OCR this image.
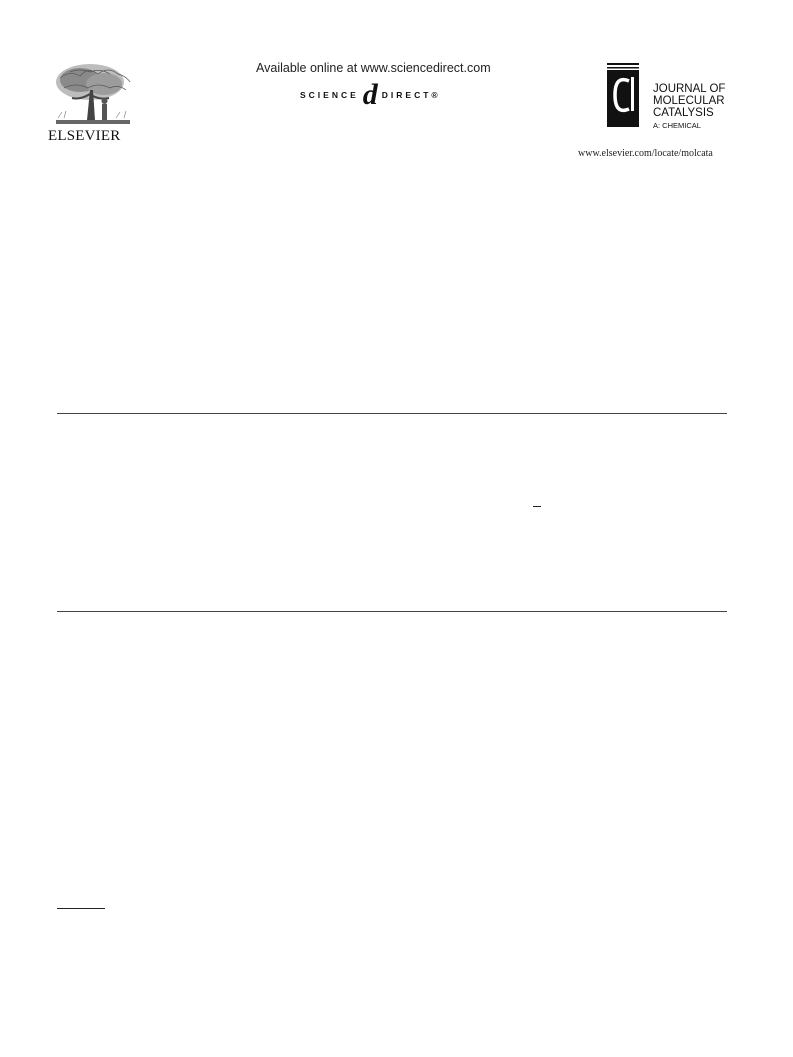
ELSEVIER
Available online at www.sciencedirect.com
SCIENCE d DIRECT®	JOURNAL OF
MOLECULAR
CATALYSIS
A: CHEMICAL
www.elsevier.com/locate/molcata
